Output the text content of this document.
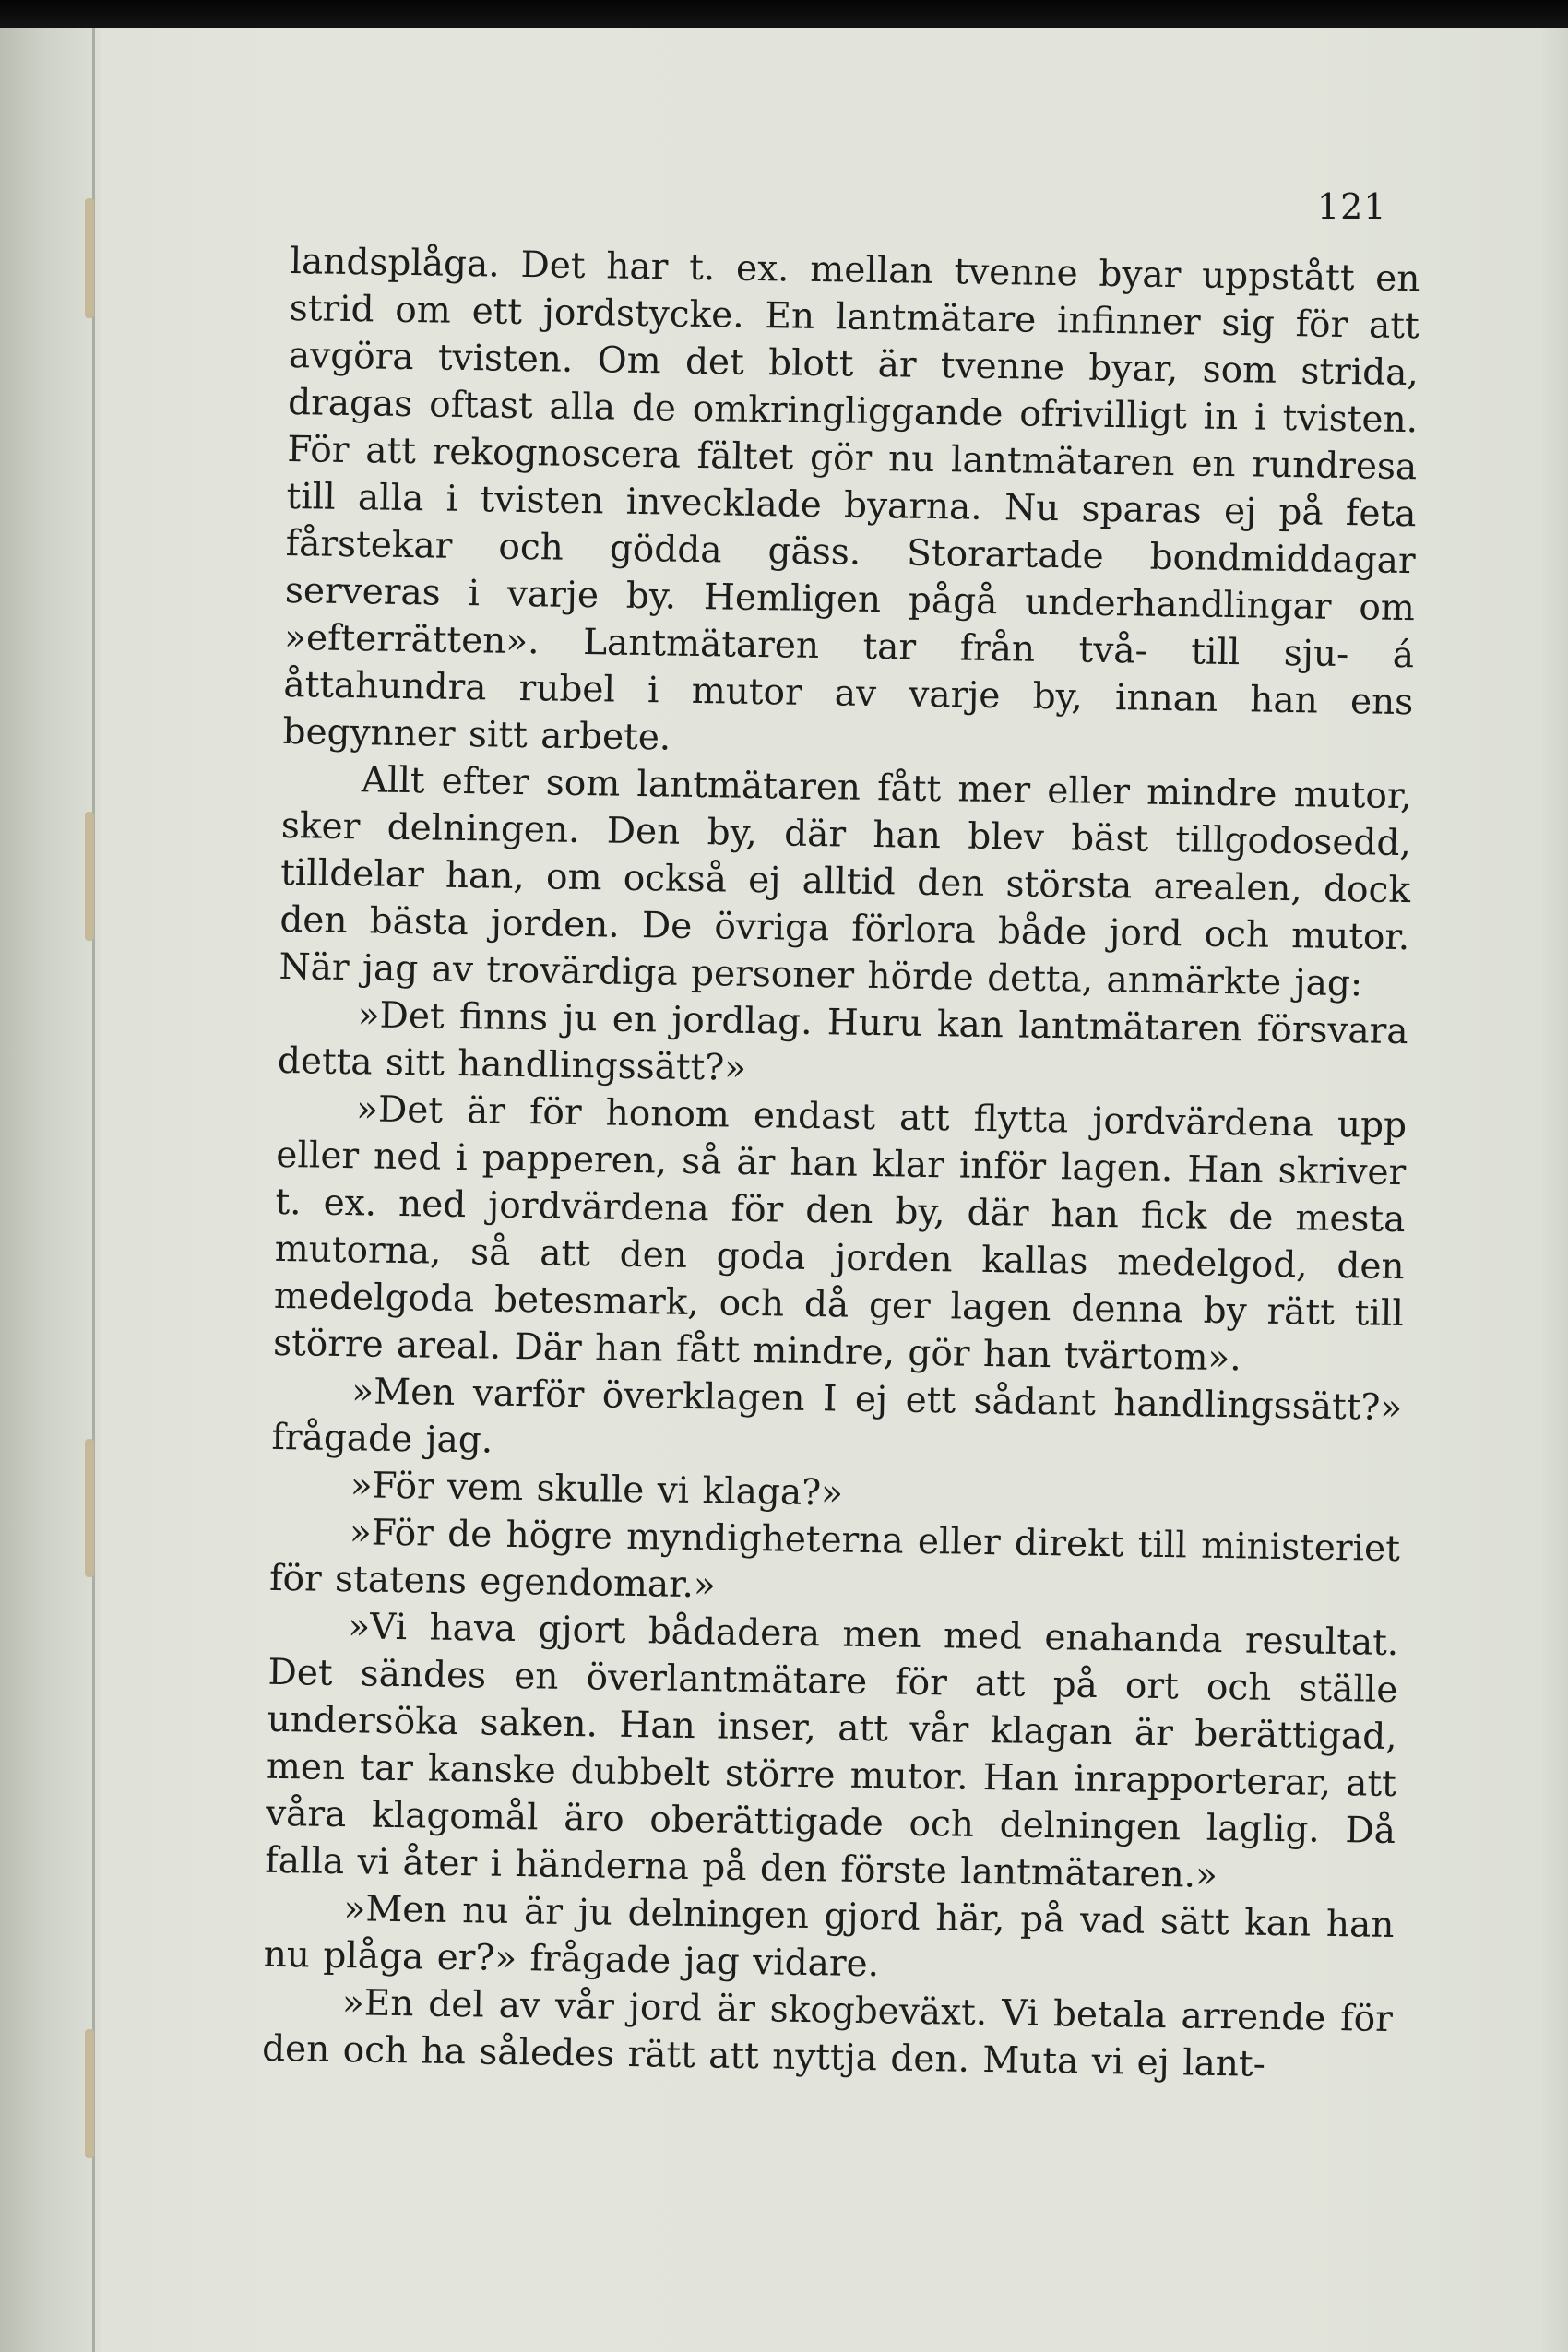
121

landsplåga. Det har t. ex. mellan tvenne byar uppstått en strid om ett jordstycke. En lantmätare infinner sig för att avgöra tvisten. Om det blott är tvenne byar, som strida, dragas oftast alla de omkringliggande ofrivilligt in i tvisten. För att rekognoscera fältet gör nu lantmätaren en rundresa till alla i tvisten invecklade byarna. Nu sparas ej på feta fårstekar och gödda gäss. Storartade bondmiddagar serveras i varje by. Hemligen pågå underhandlingar om »efterrätten». Lantmätaren tar från två- till sju- á åttahundra rubel i mutor av varje by, innan han ens begynner sitt arbete.

Allt efter som lantmätaren fått mer eller mindre mutor, sker delningen. Den by, där han blev bäst tillgodosedd, tilldelar han, om också ej alltid den största arealen, dock den bästa jorden. De övriga förlora både jord och mutor. När jag av trovärdiga personer hörde detta, anmärkte jag:

»Det finns ju en jordlag. Huru kan lantmätaren försvara detta sitt handlingssätt?»

»Det är för honom endast att flytta jordvärdena upp eller ned i papperen, så är han klar inför lagen. Han skriver t. ex. ned jordvärdena för den by, där han fick de mesta mutorna, så att den goda jorden kallas medelgod, den medelgoda betesmark, och då ger lagen denna by rätt till större areal. Där han fått mindre, gör han tvärtom».

»Men varför överklagen I ej ett sådant handlingssätt?» frågade jag.

»För vem skulle vi klaga?»

»För de högre myndigheterna eller direkt till ministeriet för statens egendomar.»

»Vi hava gjort bådadera men med enahanda resultat. Det sändes en överlantmätare för att på ort och ställe undersöka saken. Han inser, att vår klagan är berättigad, men tar kanske dubbelt större mutor. Han inrapporterar, att våra klagomål äro oberättigade och delningen laglig. Då falla vi åter i händerna på den förste lantmätaren.»

»Men nu är ju delningen gjord här, på vad sätt kan han nu plåga er?» frågade jag vidare.

»En del av vår jord är skogbeväxt. Vi betala arrende för den och ha således rätt att nyttja den. Muta vi ej lant-
